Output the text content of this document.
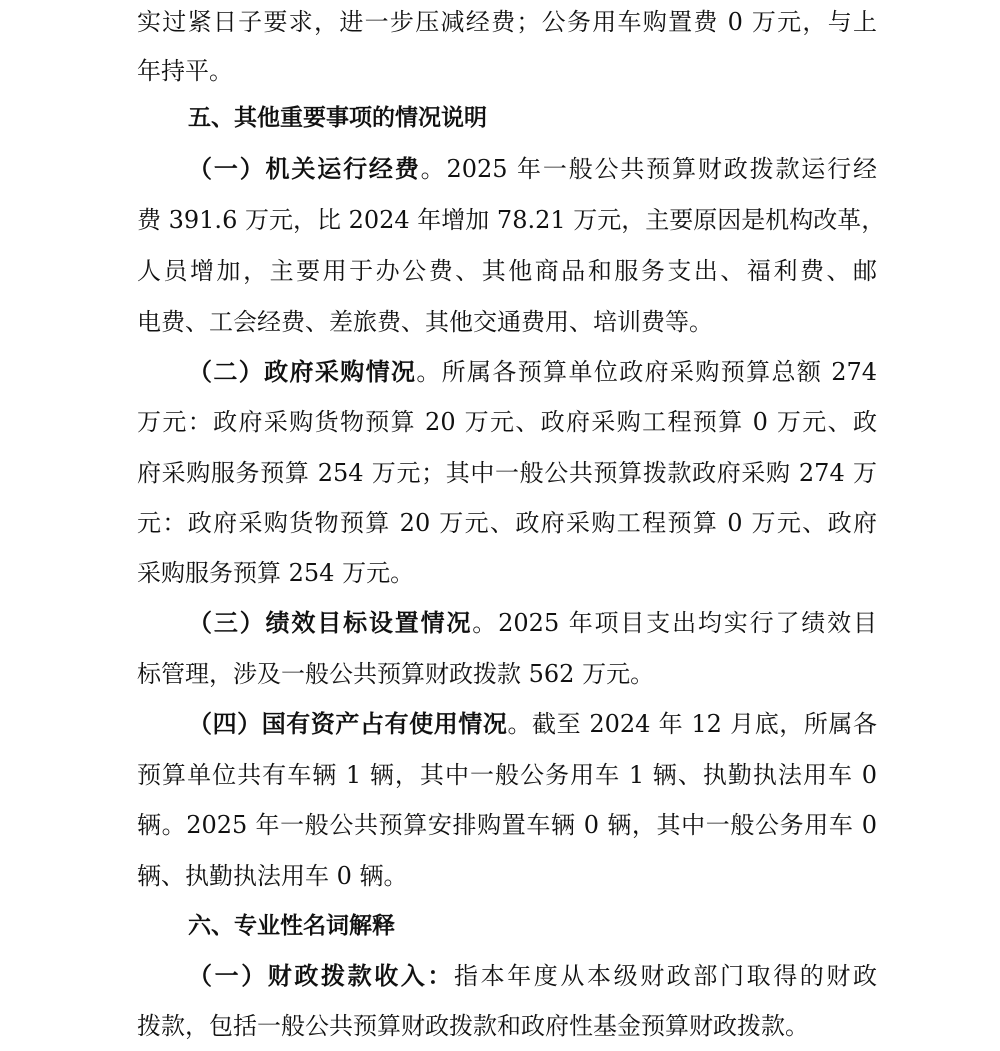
实过紧日子要求，进一步压减经费；公务用车购置费 0 万元，与上
年持平。
五、其他重要事项的情况说明
（一）机关运行经费。2025 年一般公共预算财政拨款运行经
费 391.6 万元，比 2024 年增加 78.21 万元，主要原因是机构改革，
人员增加，主要用于办公费、其他商品和服务支出、福利费、邮
电费、工会经费、差旅费、其他交通费用、培训费等。
（二）政府采购情况。所属各预算单位政府采购预算总额 274
万元：政府采购货物预算 20 万元、政府采购工程预算 0 万元、政
府采购服务预算 254 万元；其中一般公共预算拨款政府采购 274 万
元：政府采购货物预算 20 万元、政府采购工程预算 0 万元、政府
采购服务预算 254 万元。
（三）绩效目标设置情况。2025 年项目支出均实行了绩效目
标管理，涉及一般公共预算财政拨款 562 万元。
（四）国有资产占有使用情况。截至 2024 年 12 月底，所属各
预算单位共有车辆 1 辆，其中一般公务用车 1 辆、执勤执法用车 0
辆。2025 年一般公共预算安排购置车辆 0 辆，其中一般公务用车 0
辆、执勤执法用车 0 辆。
六、专业性名词解释
（一）财政拨款收入：指本年度从本级财政部门取得的财政
拨款，包括一般公共预算财政拨款和政府性基金预算财政拨款。
